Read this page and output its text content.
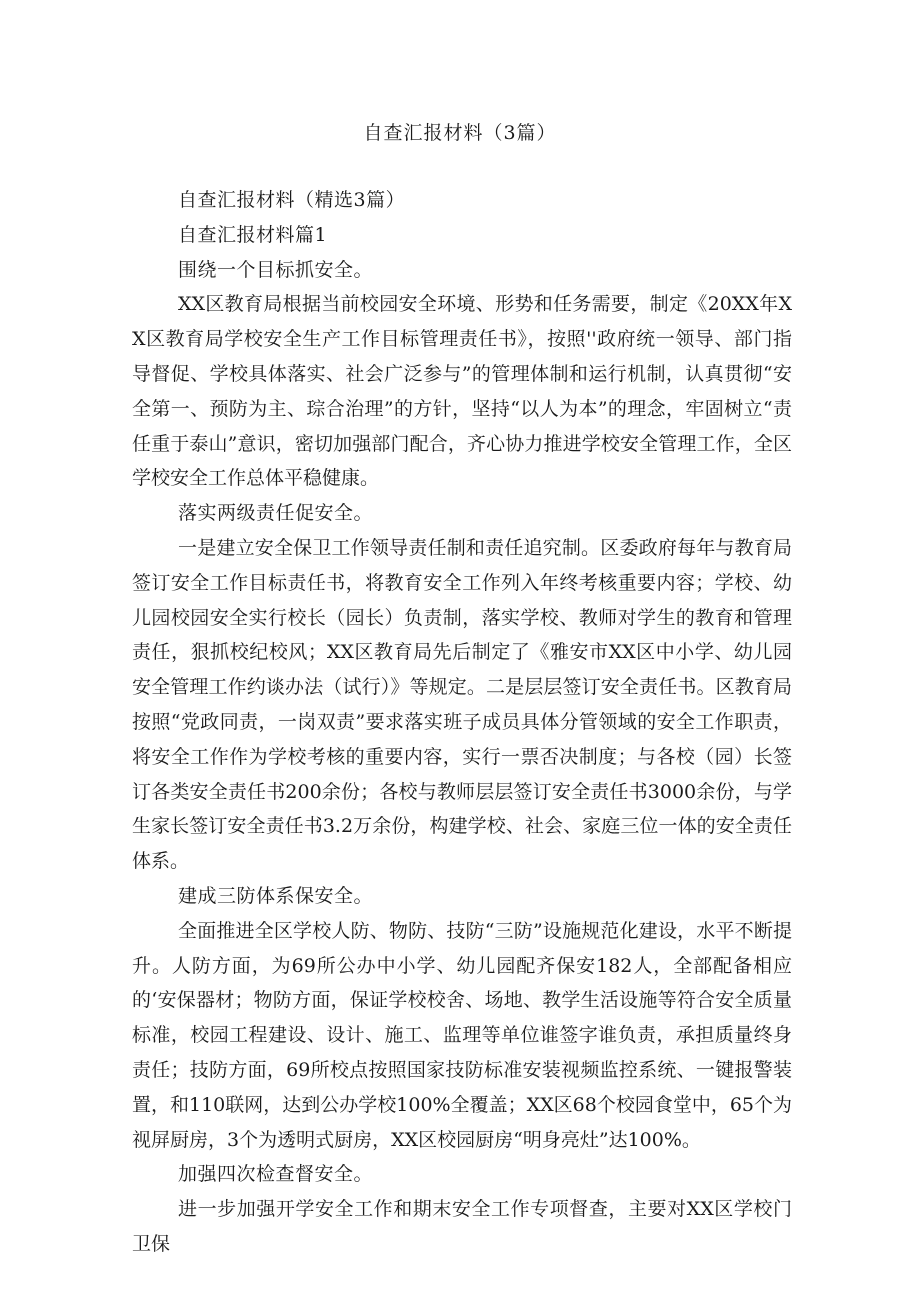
自查汇报材料（3篇）

自查汇报材料（精选3篇）

自查汇报材料篇1

围绕一个目标抓安全。

XX区教育局根据当前校园安全环境、形势和任务需要，制定《20XX年XX区教育局学校安全生产工作目标管理责任书》，按照''政府统一领导、部门指导督促、学校具体落实、社会广泛参与”的管理体制和运行机制，认真贯彻“安全第一、预防为主、琮合治理”的方针，坚持“以人为本”的理念，牢固树立“责任重于泰山”意识，密切加强部门配合，齐心协力推进学校安全管理工作，全区学校安全工作总体平稳健康。

落实两级责任促安全。

一是建立安全保卫工作领导责任制和责任追究制。区委政府每年与教育局签订安全工作目标责任书，将教育安全工作列入年终考核重要内容；学校、幼儿园校园安全实行校长（园长）负责制，落实学校、教师对学生的教育和管理责任，狠抓校纪校风；XX区教育局先后制定了《雅安市XX区中小学、幼儿园安全管理工作约谈办法（试行）》等规定。二是层层签订安全责任书。区教育局按照“党政同责，一岗双责”要求落实班子成员具体分管领域的安全工作职责，将安全工作作为学校考核的重要内容，实行一票否决制度；与各校（园）长签订各类安全责任书200余份；各校与教师层层签订安全责任书3000余份，与学生家长签订安全责任书3.2万余份，构建学校、社会、家庭三位一体的安全责任体系。

建成三防体系保安全。

全面推进全区学校人防、物防、技防“三防”设施规范化建设，水平不断提升。人防方面，为69所公办中小学、幼儿园配齐保安182人，全部配备相应的‘安保器材；物防方面，保证学校校舍、场地、教学生活设施等符合安全质量标准，校园工程建设、设计、施工、监理等单位谁签字谁负责，承担质量终身责任；技防方面，69所校点按照国家技防标准安装视频监控系统、一键报警装置，和110联网，达到公办学校100%全覆盖；XX区68个校园食堂中，65个为视屏厨房，3个为透明式厨房，XX区校园厨房“明身亮灶”达100%。

加强四次检查督安全。

进一步加强开学安全工作和期末安全工作专项督查，主要对XX区学校门卫保
